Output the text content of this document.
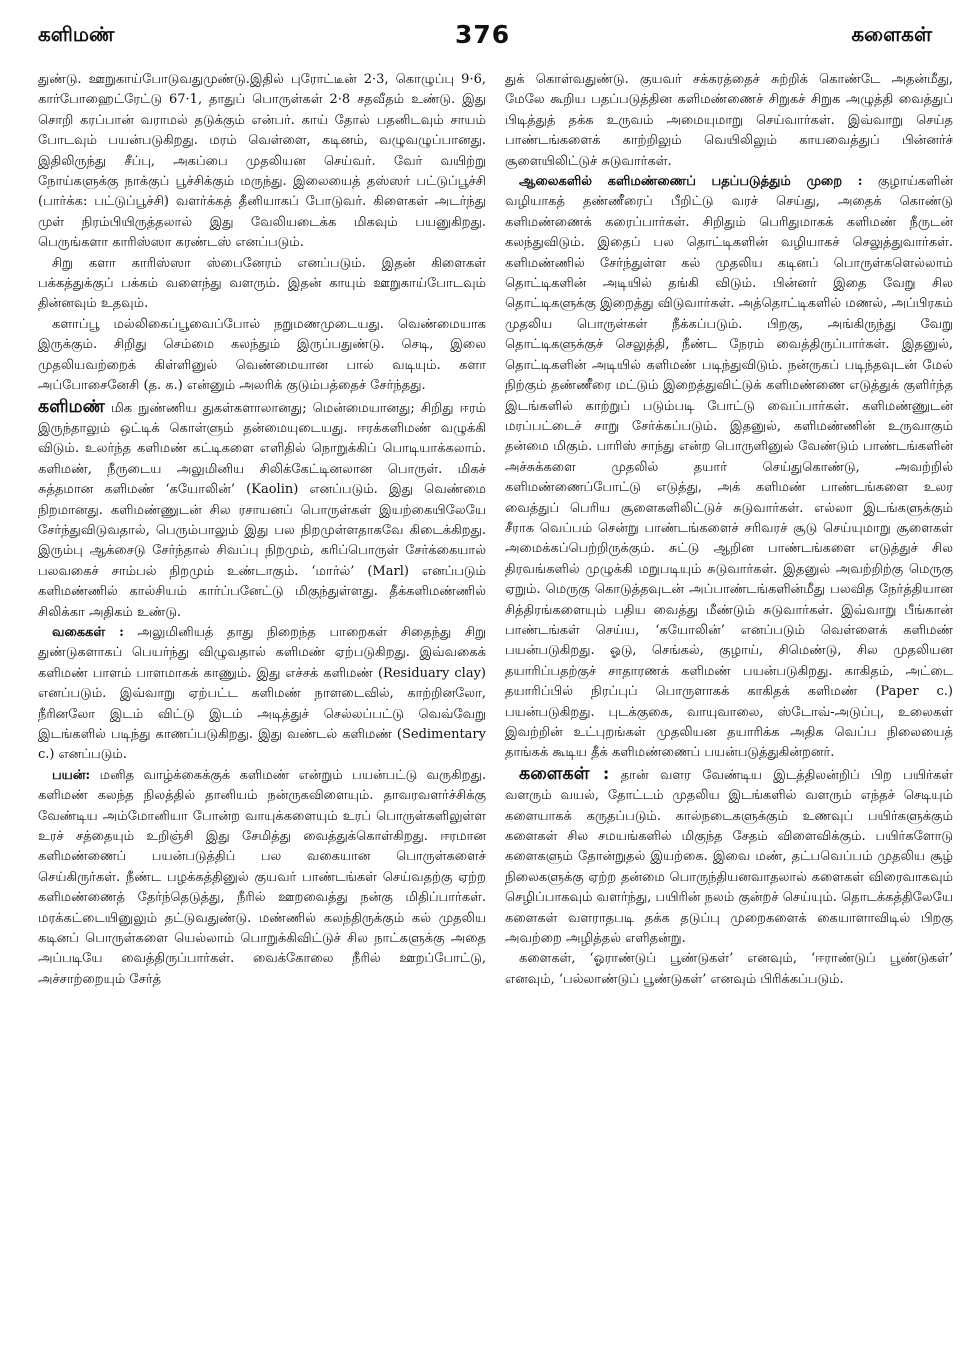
களிமண்	376	களைகள்

துண்டு. ஊறுகாய்போடுவதுமுண்டு.இதில் புரோட்டீன் 2·3, கொழுப்பு 9·6, கார்போஹைட்ரேட்டு 67·1, தாதுப் பொருள்கள் 2·8 சதவீதம் உண்டு. இது சொறி கரப்பான் வராமல் தடுக்கும் என்பர். காய் தோல் பதனிடவும் சாயம் போடவும் பயன்படுகிறது. மரம் வெள்ளை, கடினம், வழுவழுப்பானது. இதிலிருந்து சீப்பு, அகப்பை முதலியன செய்வர். வேர் வயிற்று நோய்களுக்கு நாக்குப் பூச்சிக்கும் மருந்து. இலையைத் தஸ்ஸர் பட்டுப்பூச்சி (பார்க்க: பட்டுப்பூச்சி) வளர்க்கத் தீனியாகப் போடுவர். கிளைகள் அடர்ந்து முள் நிரம்பியிருத்தலால் இது வேலியடைக்க மிகவும் பயனுகிறது. பெருங்களா காரிஸ்ஸா கரண்டஸ் எனப்படும்.

சிறு களா காரிஸ்ஸா ஸ்பைனேரம் எனப்படும். இதன் கிளைகள் பக்கத்துக்குப் பக்கம் வளைந்து வளரும். இதன் காயும் ஊறுகாய்போடவும் தின்னவும் உதவும்.

களாப்பூ மல்லிகைப்பூவைப்போல் நறுமணமுடையது. வெண்மையாக இருக்கும். சிறிது செம்மை கலந்தும் இருப்பதுண்டு. செடி, இலை முதலியவற்றைக் கிள்ளினுல் வெண்மையான பால் வடியும். களா அப்போசைனேசி (த. க.) என்னும் அலரிக் குடும்பத்தைச் சேர்ந்தது.

களிமண் மிக நுண்ணிய துகள்களாலானது; மென்மையானது; சிறிது ஈரம் இருந்தாலும் ஒட்டிக் கொள்ளும் தன்மையுடையது. ஈரக்களிமண் வழுக்கி விடும். உலர்ந்த களிமண் கட்டிகளை எளிதில் நொறுக்கிப் பொடியாக்கலாம். களிமண், நீருடைய அலுமினிய சிலிக்கேட்டினலான பொருள். மிகச் சுத்தமான களிமண் ‘கயோலின்’ (Kaolin) எனப்படும். இது வெண்மை நிறமானது. களிமண்ணுடன் சில ரசாயனப் பொருள்கள் இயற்கையிலேயே சேர்ந்துவிடுவதால், பெரும்பாலும் இது பல நிறமுள்ளதாகவே கிடைக்கிறது. இரும்பு ஆக்சைடு சேர்ந்தால் சிவப்பு நிறமும், கரிப்பொருள் சேர்க்கையால் பலவகைச் சாம்பல் நிறமும் உண்டாகும். ‘மார்ல்’ (Marl) எனப்படும் களிமண்ணில் கால்சியம் கார்ப்பனேட்டு மிகுந்துள்ளது. தீக்களிமண்ணில் சிலிக்கா அதிகம் உண்டு.

வகைகள் : அலுமினியத் தாது நிறைந்த பாறைகள் சிதைந்து சிறு துண்டுகளாகப் பெயர்ந்து விழுவதால் களிமண் ஏற்படுகிறது. இவ்வகைக் களிமண் பாளம் பாளமாகக் காணும். இது எச்சக் களிமண் (Residuary clay) எனப்படும். இவ்வாறு ஏற்பட்ட களிமண் நாளடைவில், காற்றினலோ, நீரினலோ இடம் விட்டு இடம் அடித்துச் செல்லப்பட்டு வெவ்வேறு இடங்களில் படிந்து காணப்படுகிறது. இது வண்டல் களிமண் (Sedimentary c.) எனப்படும்.

பயன்: மனித வாழ்க்கைக்குக் களிமண் என்றும் பயன்பட்டு வருகிறது. களிமண் கலந்த நிலத்தில் தானியம் நன்ருகவிளையும். தாவரவளர்ச்சிக்கு வேண்டிய அம்மோனியா போன்ற வாயுக்களையும் உரப் பொருள்களிலுள்ள உரச் சத்தையும் உறிஞ்சி இது சேமித்து வைத்துக்கொள்கிறது. ஈரமான களிமண்ணைப் பயன்படுத்திப் பல வகையான பொருள்களைச் செய்கிருர்கள். நீண்ட பழக்கத்தினுல் குயவர் பாண்டங்கள் செய்வதற்கு ஏற்ற களிமண்ணைத் தேர்ந்தெடுத்து, நீரில் ஊறவைத்து நன்கு மிதிப்பார்கள். மரக்கட்டையினுலும் தட்டுவதுண்டு. மண்ணில் கலந்திருக்கும் கல் முதலிய கடினப் பொருள்களை யெல்லாம் பொறுக்கிவிட்டுச் சில நாட்களுக்கு அதை அப்படியே வைத்திருப்பார்கள். வைக்கோலை நீரில் ஊறப்போட்டு, அச்சாற்றையும் சேர்த்

துக் கொள்வதுண்டு. குயவர் சக்கரத்தைச் சுற்றிக் கொண்டே அதன்மீது, மேலே கூறிய பதப்படுத்தின களிமண்ணைச் சிறுகச் சிறுக அழுத்தி வைத்துப் பிடித்துத் தக்க உருவம் அமையுமாறு செய்வார்கள். இவ்வாறு செய்த பாண்டங்களைக் காற்றிலும் வெயிலிலும் காயவைத்துப் பின்னர்ச் சூளையிலிட்டுச் சுடுவார்கள்.

ஆலைகளில் களிமண்ணைப் பதப்படுத்தும் முறை : குழாய்களின் வழியாகத் தண்ணீரைப் பீறிட்டு வரச் செய்து, அதைக் கொண்டு களிமண்ணைக் கரைப்பார்கள். சிறிதும் பெரிதுமாகக் களிமண் நீருடன் கலந்துவிடும். இதைப் பல தொட்டிகளின் வழியாகச் செலுத்துவார்கள். களிமண்ணில் சேர்ந்துள்ள கல் முதலிய கடினப் பொருள்களெல்லாம் தொட்டிகளின் அடியில் தங்கி விடும். பின்னர் இதை வேறு சில தொட்டிகளுக்கு இறைத்து விடுவார்கள். அத்தொட்டிகளில் மணல், அப்பிரகம் முதலிய பொருள்கள் நீக்கப்படும். பிறகு, அங்கிருந்து வேறு தொட்டிகளுக்குச் செலுத்தி, நீண்ட நேரம் வைத்திருப்பார்கள். இதனுல், தொட்டிகளின் அடியில் களிமண் படிந்துவிடும். நன்ருகப் படிந்தவுடன் மேல் நிற்கும் தண்ணீரை மட்டும் இறைத்துவிட்டுக் களிமண்ணை எடுத்துக் குளிர்ந்த இடங்களில் காற்றுப் படும்படி போட்டு வைப்பார்கள். களிமண்ணுடன் மரப்பட்டைச் சாறு சேர்க்கப்படும். இதனுல், களிமண்ணின் உருவாகும் தன்மை மிகும். பாரிஸ் சாந்து என்ற பொருளினுல் வேண்டும் பாண்டங்களின் அச்சுக்களை முதலில் தயார் செய்துகொண்டு, அவற்றில் களிமண்ணைப்போட்டு எடுத்து, அக் களிமண் பாண்டங்களை உலர வைத்துப் பெரிய சூளைகளிலிட்டுச் சுடுவார்கள். எல்லா இடங்களுக்கும் சீராக வெப்பம் சென்று பாண்டங்களைச் சரிவரச் சூடு செய்யுமாறு சூளைகள் அமைக்கப்பெற்றிருக்கும். சுட்டு ஆறின பாண்டங்களை எடுத்துச் சில திரவங்களில் முழுக்கி மறுபடியும் சுடுவார்கள். இதனுல் அவற்றிற்கு மெருகு ஏறும். மெருகு கொடுத்தவுடன் அப்பாண்டங்களின்மீது பலவித நேர்த்தியான சித்திரங்களையும் பதிய வைத்து மீண்டும் சுடுவார்கள். இவ்வாறு பீங்கான் பாண்டங்கள் செய்ய, ‘கயோலின்’ எனப்படும் வெள்ளைக் களிமண் பயன்படுகிறது. ஓடு, செங்கல், குழாய், சிமெண்டு, சில முதலியன தயாரிப்பதற்குச் சாதாரணக் களிமண் பயன்படுகிறது. காகிதம், அட்டை தயாரிப்பில் நிரப்புப் பொருளாகக் காகிதக் களிமண் (Paper c.) பயன்படுகிறது. புடக்குகை, வாயுவாலை, ஸ்டோவ்-அடுப்பு, உலைகள் இவற்றின் உட்புறங்கள் முதலியன தயாரிக்க அதிக வெப்ப நிலையைத் தாங்கக் கூடிய தீக் களிமண்ணைப் பயன்படுத்துகின்றனர்.

களைகள் : தான் வளர வேண்டிய இடத்திலன்றிப் பிற பயிர்கள் வளரும் வயல், தோட்டம் முதலிய இடங்களில் வளரும் எந்தச் செடியும் களையாகக் கருதப்படும். கால்நடைகளுக்கும் உணவுப் பயிர்களுக்கும் களைகள் சில சமயங்களில் மிகுந்த சேதம் விளைவிக்கும். பயிர்களோடு களைகளும் தோன்றுதல் இயற்கை. இவை மண், தட்பவெப்பம் முதலிய சூழ் நிலைகளுக்கு ஏற்ற தன்மை பொருந்தியனவாதலால் களைகள் விரைவாகவும் செழிப்பாகவும் வளர்ந்து, பயிரின் நலம் குன்றச் செய்யும். தொடக்கத்திலேயே களைகள் வளராதபடி தக்க தடுப்பு முறைகளைக் கையாளாவிடில் பிறகு அவற்றை அழித்தல் எளிதன்று.

களைகள், ‘ஓராண்டுப் பூண்டுகள்’ எனவும், ‘ஈராண்டுப் பூண்டுகள்’ எனவும், ‘பல்லாண்டுப் பூண்டுகள்’ எனவும் பிரிக்கப்படும்.
